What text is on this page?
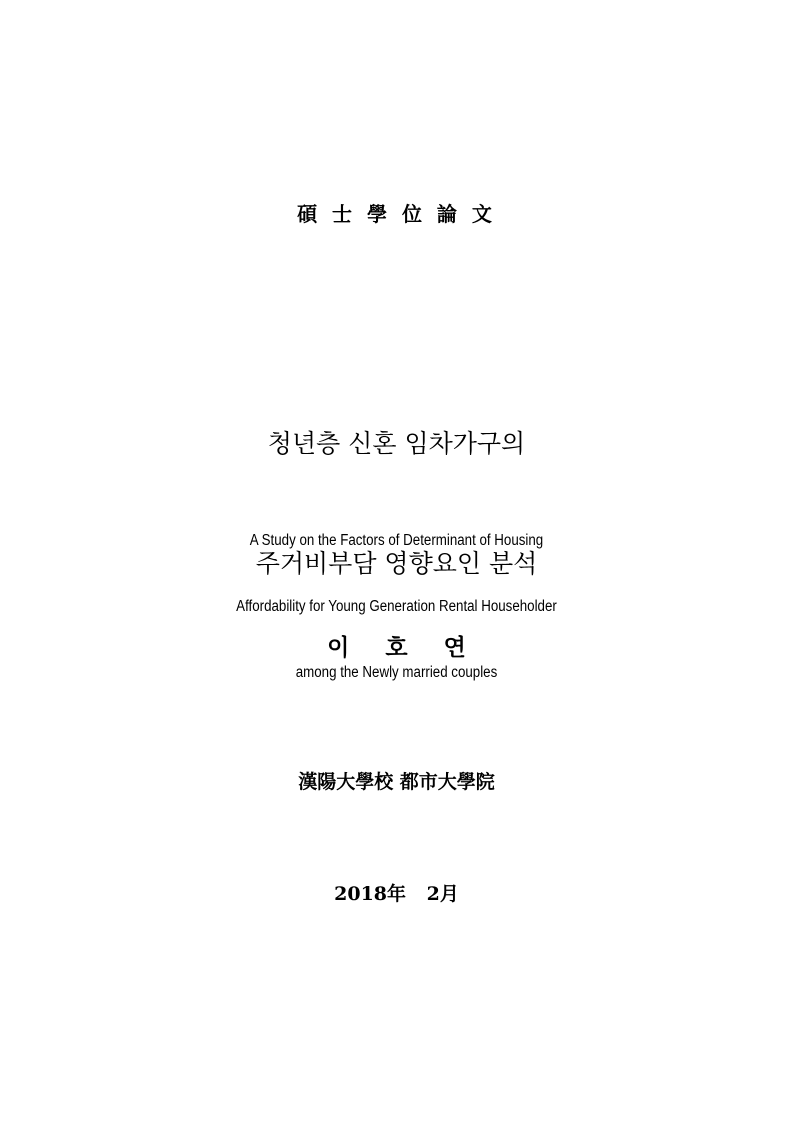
碩 士 學 位 論 文

청년층 신혼 임차가구의

주거비부담 영향요인 분석

A Study on the Factors of Determinant of Housing

Affordability for Young Generation Rental Householder

among the Newly married couples

이 호 연
漢陽大學校 都市大學院
2018年 2月
